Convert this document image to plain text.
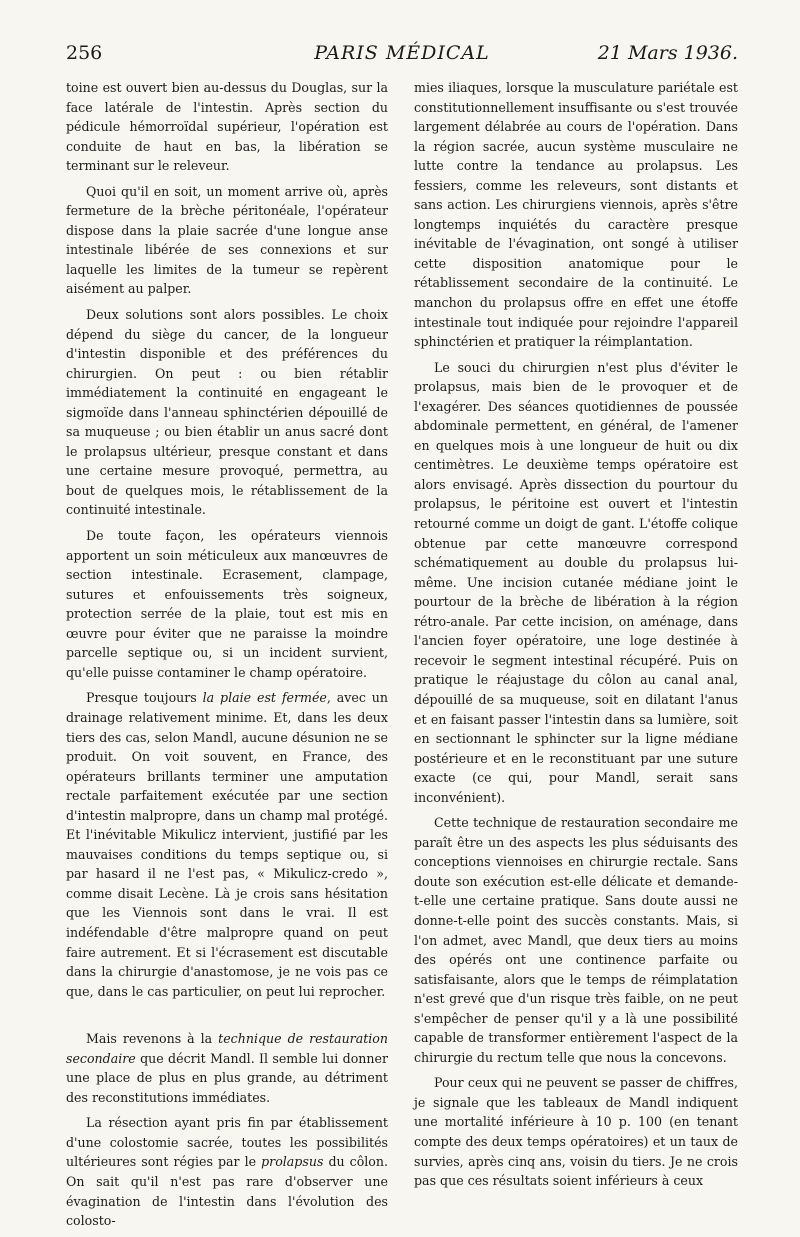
256	PARIS MÉDICAL	21 Mars 1936.

toine est ouvert bien au-dessus du Douglas, sur la face latérale de l'intestin. Après section du pédicule hémorroïdal supérieur, l'opération est conduite de haut en bas, la libération se terminant sur le releveur.

Quoi qu'il en soit, un moment arrive où, après fermeture de la brèche péritonéale, l'opérateur dispose dans la plaie sacrée d'une longue anse intestinale libérée de ses connexions et sur laquelle les limites de la tumeur se repèrent aisément au palper.

Deux solutions sont alors possibles. Le choix dépend du siège du cancer, de la longueur d'intestin disponible et des préférences du chirurgien. On peut : ou bien rétablir immédiatement la continuité en engageant le sigmoïde dans l'anneau sphinctérien dépouillé de sa muqueuse ; ou bien établir un anus sacré dont le prolapsus ultérieur, presque constant et dans une certaine mesure provoqué, permettra, au bout de quelques mois, le rétablissement de la continuité intestinale.

De toute façon, les opérateurs viennois apportent un soin méticuleux aux manœuvres de section intestinale. Ecrasement, clampage, sutures et enfouissements très soigneux, protection serrée de la plaie, tout est mis en œuvre pour éviter que ne paraisse la moindre parcelle septique ou, si un incident survient, qu'elle puisse contaminer le champ opératoire.

Presque toujours la plaie est fermée, avec un drainage relativement minime. Et, dans les deux tiers des cas, selon Mandl, aucune désunion ne se produit. On voit souvent, en France, des opérateurs brillants terminer une amputation rectale parfaitement exécutée par une section d'intestin malpropre, dans un champ mal protégé. Et l'inévitable Mikulicz intervient, justifié par les mauvaises conditions du temps septique ou, si par hasard il ne l'est pas, « Mikulicz-credo », comme disait Lecène. Là je crois sans hésitation que les Viennois sont dans le vrai. Il est indéfendable d'être malpropre quand on peut faire autrement. Et si l'écrasement est discutable dans la chirurgie d'anastomose, je ne vois pas ce que, dans le cas particulier, on peut lui reprocher.

Mais revenons à la technique de restauration secondaire que décrit Mandl. Il semble lui donner une place de plus en plus grande, au détriment des reconstitutions immédiates.

La résection ayant pris fin par établissement d'une colostomie sacrée, toutes les possibilités ultérieures sont régies par le prolapsus du côlon. On sait qu'il n'est pas rare d'observer une évagination de l'intestin dans l'évolution des colosto-

mies iliaques, lorsque la musculature pariétale est constitutionnellement insuffisante ou s'est trouvée largement délabrée au cours de l'opération. Dans la région sacrée, aucun système musculaire ne lutte contre la tendance au prolapsus. Les fessiers, comme les releveurs, sont distants et sans action. Les chirurgiens viennois, après s'être longtemps inquiétés du caractère presque inévitable de l'évagination, ont songé à utiliser cette disposition anatomique pour le rétablissement secondaire de la continuité. Le manchon du prolapsus offre en effet une étoffe intestinale tout indiquée pour rejoindre l'appareil sphinctérien et pratiquer la réimplantation.

Le souci du chirurgien n'est plus d'éviter le prolapsus, mais bien de le provoquer et de l'exagérer. Des séances quotidiennes de poussée abdominale permettent, en général, de l'amener en quelques mois à une longueur de huit ou dix centimètres. Le deuxième temps opératoire est alors envisagé. Après dissection du pourtour du prolapsus, le péritoine est ouvert et l'intestin retourné comme un doigt de gant. L'étoffe colique obtenue par cette manœuvre correspond schématiquement au double du prolapsus lui-même. Une incision cutanée médiane joint le pourtour de la brèche de libération à la région rétro-anale. Par cette incision, on aménage, dans l'ancien foyer opératoire, une loge destinée à recevoir le segment intestinal récupéré. Puis on pratique le réajustage du côlon au canal anal, dépouillé de sa muqueuse, soit en dilatant l'anus et en faisant passer l'intestin dans sa lumière, soit en sectionnant le sphincter sur la ligne médiane postérieure et en le reconstituant par une suture exacte (ce qui, pour Mandl, serait sans inconvénient).

Cette technique de restauration secondaire me paraît être un des aspects les plus séduisants des conceptions viennoises en chirurgie rectale. Sans doute son exécution est-elle délicate et demande-t-elle une certaine pratique. Sans doute aussi ne donne-t-elle point des succès constants. Mais, si l'on admet, avec Mandl, que deux tiers au moins des opérés ont une continence parfaite ou satisfaisante, alors que le temps de réimplatation n'est grevé que d'un risque très faible, on ne peut s'empêcher de penser qu'il y a là une possibilité capable de transformer entièrement l'aspect de la chirurgie du rectum telle que nous la concevons.

Pour ceux qui ne peuvent se passer de chiffres, je signale que les tableaux de Mandl indiquent une mortalité inférieure à 10 p. 100 (en tenant compte des deux temps opératoires) et un taux de survies, après cinq ans, voisin du tiers. Je ne crois pas que ces résultats soient inférieurs à ceux
